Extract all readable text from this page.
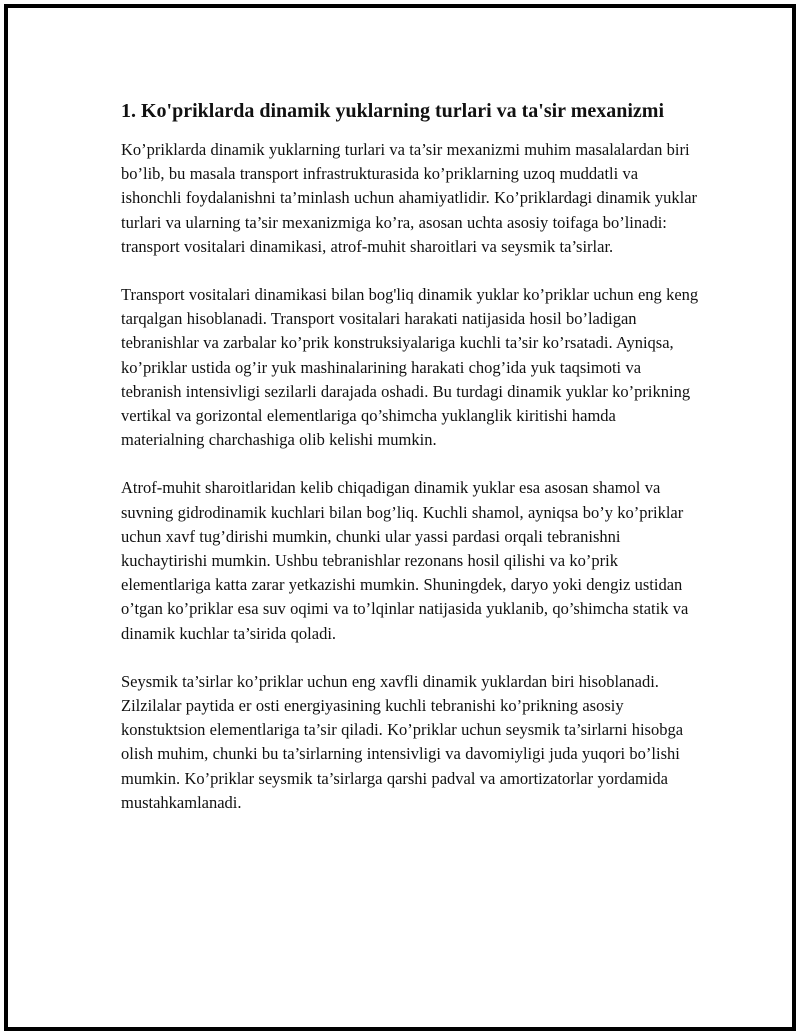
1. Ko'priklarda dinamik yuklarning turlari va ta'sir mexanizmi

Ko’priklarda dinamik yuklarning turlari va ta’sir mexanizmi muhim masalalardan biri bo’lib, bu masala transport infrastrukturasida ko’priklarning uzoq muddatli va ishonchli foydalanishni ta’minlash uchun ahamiyatlidir. Ko’priklardagi dinamik yuklar turlari va ularning ta’sir mexanizmiga ko’ra, asosan uchta asosiy toifaga bo’linadi: transport vositalari dinamikasi, atrof-muhit sharoitlari va seysmik ta’sirlar.

Transport vositalari dinamikasi bilan bog'liq dinamik yuklar ko’priklar uchun eng keng tarqalgan hisoblanadi. Transport vositalari harakati natijasida hosil bo’ladigan tebranishlar va zarbalar ko’prik konstruksiyalariga kuchli ta’sir ko’rsatadi. Ayniqsa, ko’priklar ustida og’ir yuk mashinalarining harakati chog’ida yuk taqsimoti va tebranish intensivligi sezilarli darajada oshadi. Bu turdagi dinamik yuklar ko’prikning vertikal va gorizontal elementlariga qo’shimcha yuklanglik kiritishi hamda materialning charchashiga olib kelishi mumkin.

Atrof-muhit sharoitlaridan kelib chiqadigan dinamik yuklar esa asosan shamol va suvning gidrodinamik kuchlari bilan bog’liq. Kuchli shamol, ayniqsa bo’y ko’priklar uchun xavf tug’dirishi mumkin, chunki ular yassi pardasi orqali tebranishni kuchaytirishi mumkin. Ushbu tebranishlar rezonans hosil qilishi va ko’prik elementlariga katta zarar yetkazishi mumkin. Shuningdek, daryo yoki dengiz ustidan o’tgan ko’priklar esa suv oqimi va to’lqinlar natijasida yuklanib, qo’shimcha statik va dinamik kuchlar ta’sirida qoladi.

Seysmik ta’sirlar ko’priklar uchun eng xavfli dinamik yuklardan biri hisoblanadi. Zilzilalar paytida er osti energiyasining kuchli tebranishi ko’prikning asosiy konstuktsion elementlariga ta’sir qiladi. Ko’priklar uchun seysmik ta’sirlarni hisobga olish muhim, chunki bu ta’sirlarning intensivligi va davomiyligi juda yuqori bo’lishi mumkin. Ko’priklar seysmik ta’sirlarga qarshi padval va amortizatorlar yordamida mustahkamlanadi.
